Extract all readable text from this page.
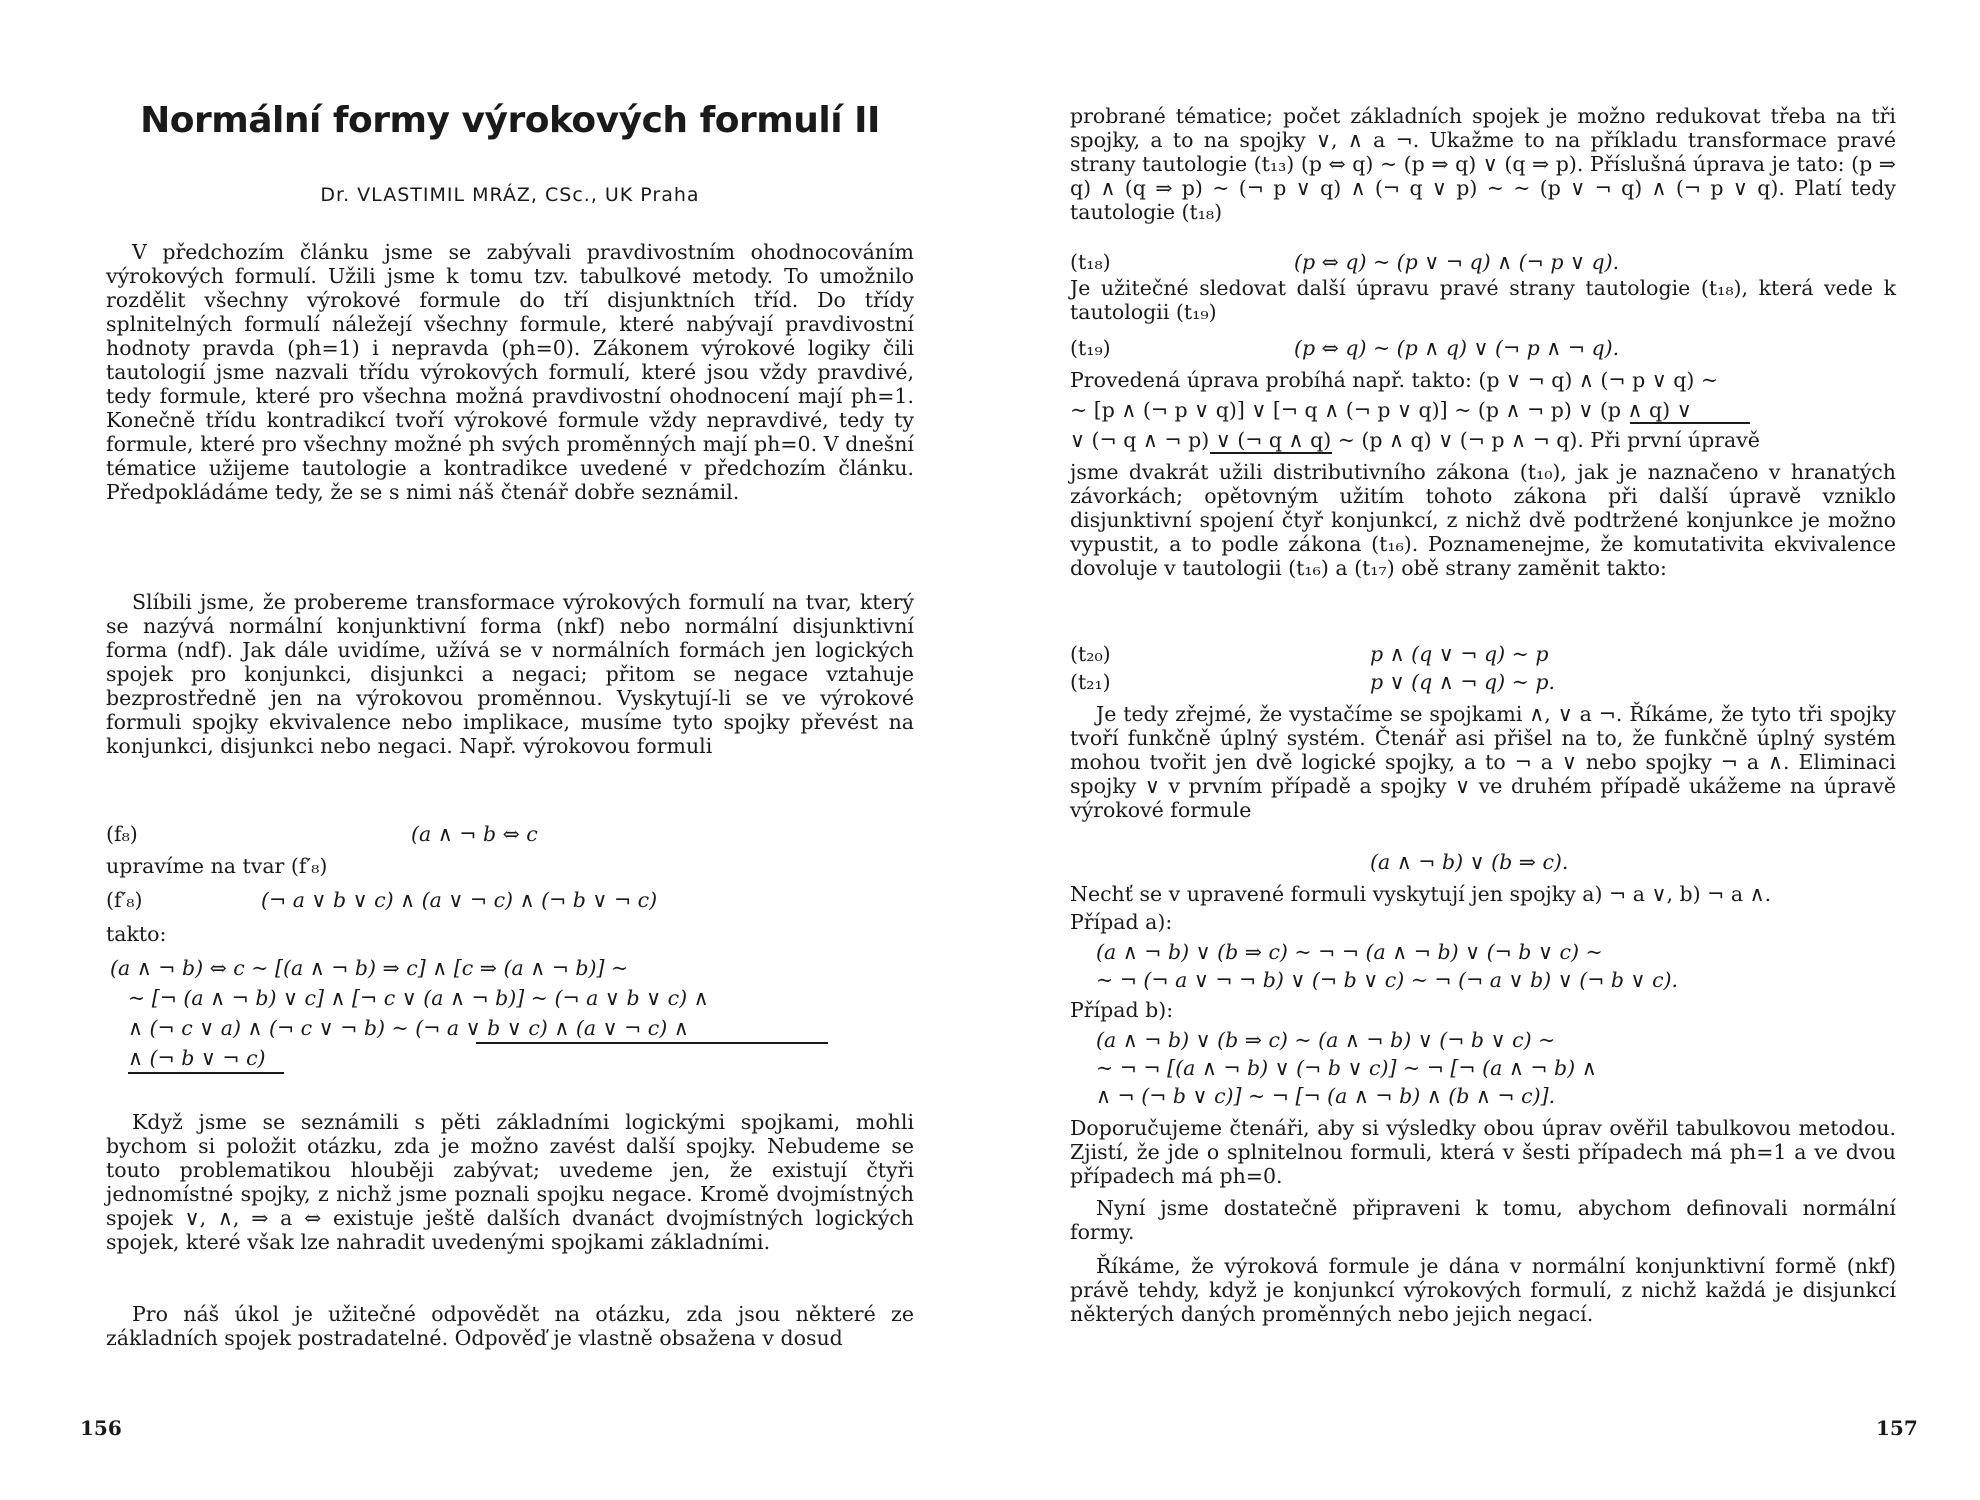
Normální formy výrokových formulí II
Dr. VLASTIMIL MRÁZ, CSc., UK Praha

V předchozím článku jsme se zabývali pravdivostním ohodnocováním výrokových formulí. Užili jsme k tomu tzv. tabulkové metody. To umožnilo rozdělit všechny výrokové formule do tří disjunktních tříd. Do třídy splnitelných formulí náležejí všechny formule, které nabývají pravdivostní hodnoty pravda (ph=1) i nepravda (ph=0). Zákonem výrokové logiky čili tautologií jsme nazvali třídu výrokových formulí, které jsou vždy pravdivé, tedy formule, které pro všechna možná pravdivostní ohodnocení mají ph=1. Konečně třídu kontradikcí tvoří výrokové formule vždy nepravdivé, tedy ty formule, které pro všechny možné ph svých proměnných mají ph=0. V dnešní tématice užijeme tautologie a kontradikce uvedené v předchozím článku. Předpokládáme tedy, že se s nimi náš čtenář dobře seznámil.

Slíbili jsme, že probereme transformace výrokových formulí na tvar, který se nazývá normální konjunktivní forma (nkf) nebo normální disjunktivní forma (ndf). Jak dále uvidíme, užívá se v normálních formách jen logických spojek pro konjunkci, disjunkci a negaci; přitom se negace vztahuje bezprostředně jen na výrokovou proměnnou. Vyskytují-li se ve výrokové formuli spojky ekvivalence nebo implikace, musíme tyto spojky převést na konjunkci, disjunkci nebo negaci. Např. výrokovou formuli

(f₈)	(a ∧ ¬ b ⇔ c
upravíme na tvar (f′₈)
(f′₈)	(¬ a ∨ b ∨ c) ∧ (a ∨ ¬ c) ∧ (¬ b ∨ ¬ c)
takto:
(a ∧ ¬ b) ⇔ c ~ [(a ∧ ¬ b) ⇒ c] ∧ [c ⇒ (a ∧ ¬ b)] ~
~ [¬ (a ∧ ¬ b) ∨ c] ∧ [¬ c ∨ (a ∧ ¬ b)] ~ (¬ a ∨ b ∨ c) ∧
∧ (¬ c ∨ a) ∧ (¬ c ∨ ¬ b) ~ (¬ a ∨ b ∨ c) ∧ (a ∨ ¬ c) ∧
∧ (¬ b ∨ ¬ c)

Když jsme se seznámili s pěti základními logickými spojkami, mohli bychom si položit otázku, zda je možno zavést další spojky. Nebudeme se touto problematikou hlouběji zabývat; uvedeme jen, že existují čtyři jednomístné spojky, z nichž jsme poznali spojku negace. Kromě dvojmístných spojek ∨, ∧, ⇒ a ⇔ existuje ještě dalších dvanáct dvojmístných logických spojek, které však lze nahradit uvedenými spojkami základními.

Pro náš úkol je užitečné odpovědět na otázku, zda jsou některé ze základních spojek postradatelné. Odpověď je vlastně obsažena v dosud

156

probrané tématice; počet základních spojek je možno redukovat třeba na tři spojky, a to na spojky ∨, ∧ a ¬. Ukažme to na příkladu transformace pravé strany tautologie (t₁₃) (p ⇔ q) ~ (p ⇒ q) ∨ (q ⇒ p). Příslušná úprava je tato: (p ⇒ q) ∧ (q ⇒ p) ~ (¬ p ∨ q) ∧ (¬ q ∨ p) ~ ~ (p ∨ ¬ q) ∧ (¬ p ∨ q). Platí tedy tautologie (t₁₈)

(t₁₈)	(p ⇔ q) ~ (p ∨ ¬ q) ∧ (¬ p ∨ q).

Je užitečné sledovat další úpravu pravé strany tautologie (t₁₈), která vede k tautologii (t₁₉)

(t₁₉)	(p ⇔ q) ~ (p ∧ q) ∨ (¬ p ∧ ¬ q).
Provedená úprava probíhá např. takto: (p ∨ ¬ q) ∧ (¬ p ∨ q) ~
~ [p ∧ (¬ p ∨ q)] ∨ [¬ q ∧ (¬ p ∨ q)] ~ (p ∧ ¬ p) ∨ (p ∧ q) ∨
∨ (¬ q ∧ ¬ p) ∨ (¬ q ∧ q) ~ (p ∧ q) ∨ (¬ p ∧ ¬ q). Při první úpravě

jsme dvakrát užili distributivního zákona (t₁₀), jak je naznačeno v hranatých závorkách; opětovným užitím tohoto zákona při další úpravě vzniklo disjunktivní spojení čtyř konjunkcí, z nichž dvě podtržené konjunkce je možno vypustit, a to podle zákona (t₁₆). Poznamenejme, že komutativita ekvivalence dovoluje v tautologii (t₁₆) a (t₁₇) obě strany zaměnit takto:

(t₂₀)	p ∧ (q ∨ ¬ q) ~ p
(t₂₁)	p ∨ (q ∧ ¬ q) ~ p.

Je tedy zřejmé, že vystačíme se spojkami ∧, ∨ a ¬. Říkáme, že tyto tři spojky tvoří funkčně úplný systém. Čtenář asi přišel na to, že funkčně úplný systém mohou tvořit jen dvě logické spojky, a to ¬ a ∨ nebo spojky ¬ a ∧. Eliminaci spojky ∨ v prvním případě a spojky ∨ ve druhém případě ukážeme na úpravě výrokové formule

(a ∧ ¬ b) ∨ (b ⇒ c).

Nechť se v upravené formuli vyskytují jen spojky a) ¬ a ∨, b) ¬ a ∧.

Případ a):
(a ∧ ¬ b) ∨ (b ⇒ c) ~ ¬ ¬ (a ∧ ¬ b) ∨ (¬ b ∨ c) ~
~ ¬ (¬ a ∨ ¬ ¬ b) ∨ (¬ b ∨ c) ~ ¬ (¬ a ∨ b) ∨ (¬ b ∨ c).
Případ b):
(a ∧ ¬ b) ∨ (b ⇒ c) ~ (a ∧ ¬ b) ∨ (¬ b ∨ c) ~
~ ¬ ¬ [(a ∧ ¬ b) ∨ (¬ b ∨ c)] ~ ¬ [¬ (a ∧ ¬ b) ∧
∧ ¬ (¬ b ∨ c)] ~ ¬ [¬ (a ∧ ¬ b) ∧ (b ∧ ¬ c)].

Doporučujeme čtenáři, aby si výsledky obou úprav ověřil tabulkovou metodou. Zjistí, že jde o splnitelnou formuli, která v šesti případech má ph=1 a ve dvou případech má ph=0.

Nyní jsme dostatečně připraveni k tomu, abychom definovali normální formy.

Říkáme, že výroková formule je dána v normální konjunktivní formě (nkf) právě tehdy, když je konjunkcí výrokových formulí, z nichž každá je disjunkcí některých daných proměnných nebo jejich negací.

157
